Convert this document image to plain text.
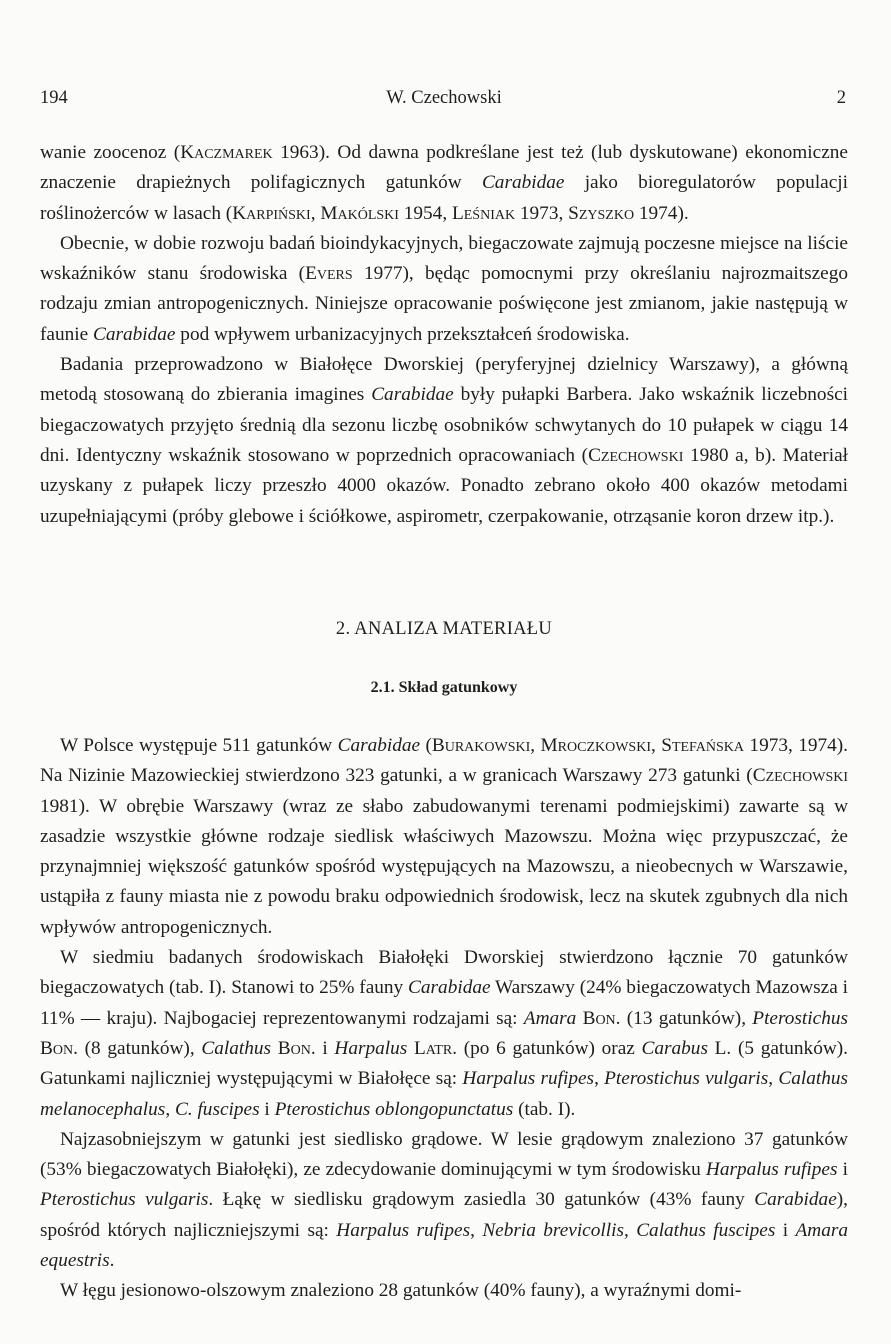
194	W. Czechowski	2

wanie zoocenoz (Kaczmarek 1963). Od dawna podkreślane jest też (lub dyskutowane) ekonomiczne znaczenie drapieżnych polifagicznych gatunków Carabidae jako bioregulatorów populacji roślinożerców w lasach (Karpiński, Makólski 1954, Leśniak 1973, Szyszko 1974).

Obecnie, w dobie rozwoju badań bioindykacyjnych, biegaczowate zajmują poczesne miejsce na liście wskaźników stanu środowiska (Evers 1977), będąc pomocnymi przy określaniu najrozmaitszego rodzaju zmian antropogenicznych. Niniejsze opracowanie poświęcone jest zmianom, jakie następują w faunie Carabidae pod wpływem urbanizacyjnych przekształceń środowiska.

Badania przeprowadzono w Białołęce Dworskiej (peryferyjnej dzielnicy Warszawy), a główną metodą stosowaną do zbierania imagines Carabidae były pułapki Barbera. Jako wskaźnik liczebności biegaczowatych przyjęto średnią dla sezonu liczbę osobników schwytanych do 10 pułapek w ciągu 14 dni. Identyczny wskaźnik stosowano w poprzednich opracowaniach (Czechowski 1980 a, b). Materiał uzyskany z pułapek liczy przeszło 4000 okazów. Ponadto zebrano około 400 okazów metodami uzupełniającymi (próby glebowe i ściółkowe, aspirometr, czerpakowanie, otrząsanie koron drzew itp.).

2. ANALIZA MATERIAŁU
2.1. Skład gatunkowy

W Polsce występuje 511 gatunków Carabidae (Burakowski, Mroczkowski, Stefańska 1973, 1974). Na Nizinie Mazowieckiej stwierdzono 323 gatunki, a w granicach Warszawy 273 gatunki (Czechowski 1981). W obrębie Warszawy (wraz ze słabo zabudowanymi terenami podmiejskimi) zawarte są w zasadzie wszystkie główne rodzaje siedlisk właściwych Mazowszu. Można więc przypuszczać, że przynajmniej większość gatunków spośród występujących na Mazowszu, a nieobecnych w Warszawie, ustąpiła z fauny miasta nie z powodu braku odpowiednich środowisk, lecz na skutek zgubnych dla nich wpływów antropogenicznych.

W siedmiu badanych środowiskach Białołęki Dworskiej stwierdzono łącznie 70 gatunków biegaczowatych (tab. I). Stanowi to 25% fauny Carabidae Warszawy (24% biegaczowatych Mazowsza i 11% — kraju). Najbogaciej reprezentowanymi rodzajami są: Amara Bon. (13 gatunków), Pterostichus Bon. (8 gatunków), Calathus Bon. i Harpalus Latr. (po 6 gatunków) oraz Carabus L. (5 gatunków). Gatunkami najliczniej występującymi w Białołęce są: Harpalus rufipes, Pterostichus vulgaris, Calathus melanocephalus, C. fuscipes i Pterostichus oblongopunctatus (tab. I).

Najzasobniejszym w gatunki jest siedlisko grądowe. W lesie grądowym znaleziono 37 gatunków (53% biegaczowatych Białołęki), ze zdecydowanie dominującymi w tym środowisku Harpalus rufipes i Pterostichus vulgaris. Łąkę w siedlisku grądowym zasiedla 30 gatunków (43% fauny Carabidae), spośród których najliczniejszymi są: Harpalus rufipes, Nebria brevicollis, Calathus fuscipes i Amara equestris.

W łęgu jesionowo-olszowym znaleziono 28 gatunków (40% fauny), a wyraźnymi domi-
